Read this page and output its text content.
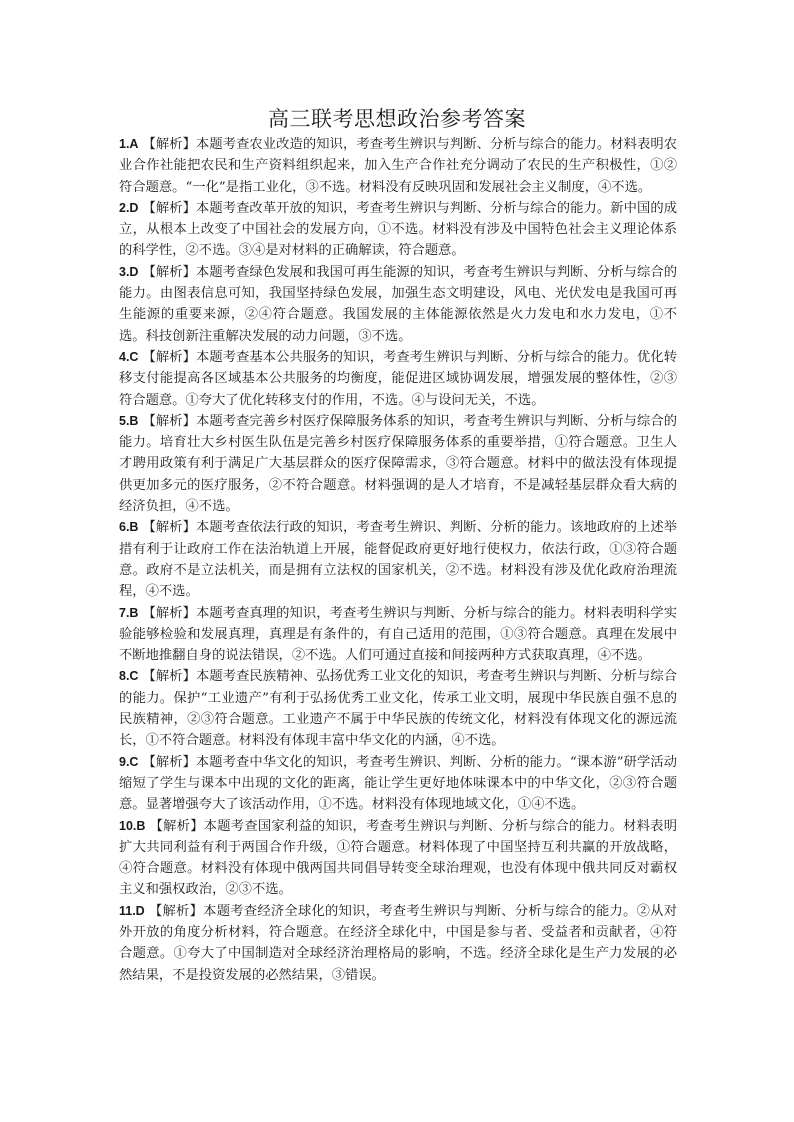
高三联考思想政治参考答案

1.A 【解析】本题考查农业改造的知识，考查考生辨识与判断、分析与综合的能力。材料表明农业合作社能把农民和生产资料组织起来，加入生产合作社充分调动了农民的生产积极性，①②符合题意。“一化”是指工业化，③不选。材料没有反映巩固和发展社会主义制度，④不选。

2.D 【解析】本题考查改革开放的知识，考查考生辨识与判断、分析与综合的能力。新中国的成立，从根本上改变了中国社会的发展方向，①不选。材料没有涉及中国特色社会主义理论体系的科学性，②不选。③④是对材料的正确解读，符合题意。

3.D 【解析】本题考查绿色发展和我国可再生能源的知识，考查考生辨识与判断、分析与综合的能力。由图表信息可知，我国坚持绿色发展，加强生态文明建设，风电、光伏发电是我国可再生能源的重要来源，②④符合题意。我国发展的主体能源依然是火力发电和水力发电，①不选。科技创新注重解决发展的动力问题，③不选。

4.C 【解析】本题考查基本公共服务的知识，考查考生辨识与判断、分析与综合的能力。优化转移支付能提高各区域基本公共服务的均衡度，能促进区域协调发展，增强发展的整体性，②③符合题意。①夸大了优化转移支付的作用，不选。④与设问无关，不选。

5.B 【解析】本题考查完善乡村医疗保障服务体系的知识，考查考生辨识与判断、分析与综合的能力。培育壮大乡村医生队伍是完善乡村医疗保障服务体系的重要举措，①符合题意。卫生人才聘用政策有利于满足广大基层群众的医疗保障需求，③符合题意。材料中的做法没有体现提供更加多元的医疗服务，②不符合题意。材料强调的是人才培育，不是减轻基层群众看大病的经济负担，④不选。

6.B 【解析】本题考查依法行政的知识，考查考生辨识、判断、分析的能力。该地政府的上述举措有利于让政府工作在法治轨道上开展，能督促政府更好地行使权力，依法行政，①③符合题意。政府不是立法机关，而是拥有立法权的国家机关，②不选。材料没有涉及优化政府治理流程，④不选。

7.B 【解析】本题考查真理的知识，考查考生辨识与判断、分析与综合的能力。材料表明科学实验能够检验和发展真理，真理是有条件的，有自己适用的范围，①③符合题意。真理在发展中不断地推翻自身的说法错误，②不选。人们可通过直接和间接两种方式获取真理，④不选。

8.C 【解析】本题考查民族精神、弘扬优秀工业文化的知识，考查考生辨识与判断、分析与综合的能力。保护“工业遗产”有利于弘扬优秀工业文化，传承工业文明，展现中华民族自强不息的民族精神，②③符合题意。工业遗产不属于中华民族的传统文化，材料没有体现文化的源远流长，①不符合题意。材料没有体现丰富中华文化的内涵，④不选。

9.C 【解析】本题考查中华文化的知识，考查考生辨识、判断、分析的能力。“课本游”研学活动缩短了学生与课本中出现的文化的距离，能让学生更好地体味课本中的中华文化，②③符合题意。显著增强夸大了该活动作用，①不选。材料没有体现地域文化，①④不选。

10.B 【解析】本题考查国家利益的知识，考查考生辨识与判断、分析与综合的能力。材料表明扩大共同利益有利于两国合作升级，①符合题意。材料体现了中国坚持互利共赢的开放战略，④符合题意。材料没有体现中俄两国共同倡导转变全球治理观，也没有体现中俄共同反对霸权主义和强权政治，②③不选。

11.D 【解析】本题考查经济全球化的知识，考查考生辨识与判断、分析与综合的能力。②从对外开放的角度分析材料，符合题意。在经济全球化中，中国是参与者、受益者和贡献者，④符合题意。①夸大了中国制造对全球经济治理格局的影响，不选。经济全球化是生产力发展的必然结果，不是投资发展的必然结果，③错误。
